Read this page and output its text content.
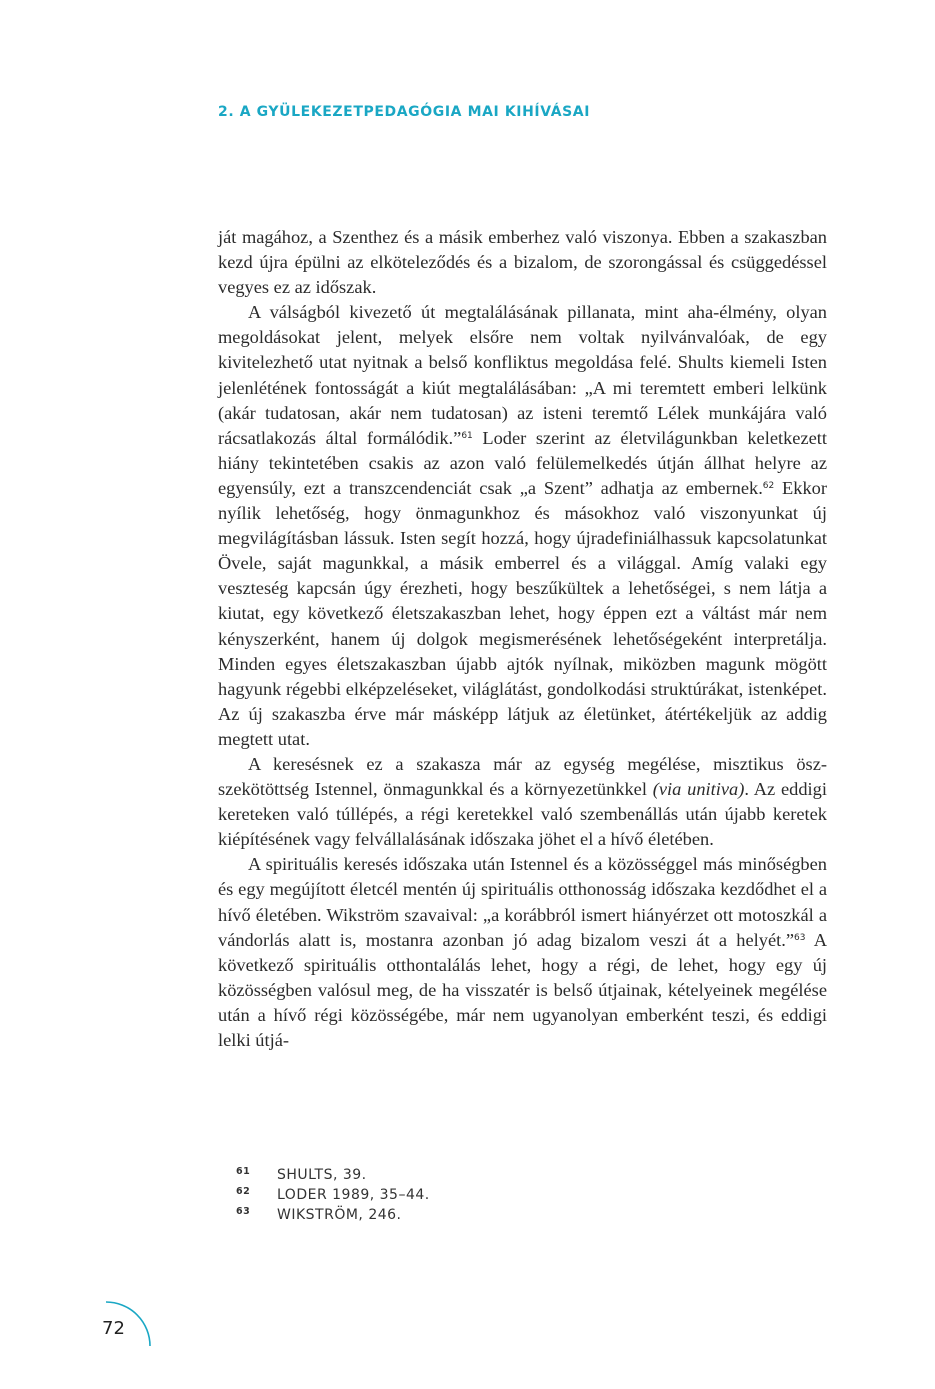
2. A GYÜLEKEZETPEDAGÓGIA MAI KIHÍVÁSAI

ját magához, a Szenthez és a másik emberhez való viszonya. Ebben a szakaszban kezd újra épülni az elköteleződés és a bizalom, de szorongással és csüggedéssel vegyes ez az időszak.

A válságból kivezető út megtalálásának pillanata, mint aha-élmény, olyan megoldásokat jelent, melyek elsőre nem voltak nyilvánvalóak, de egy kivitelezhető utat nyitnak a belső konfliktus megoldása felé. Shults kiemeli Isten jelenlétének fontosságát a kiút megtalálásában: „A mi teremtett emberi lelkünk (akár tudatosan, akár nem tudatosan) az isteni teremtő Lélek munkájára való rácsatlakozás által formálódik.”$^{61}$ Loder szerint az életvilágunkban keletkezett hiány tekintetében csakis az azon való felülemelkedés útján állhat helyre az egyensúly, ezt a transzcendenciát csak „a Szent” adhatja az embernek.$^{62}$ Ekkor nyílik lehetőség, hogy önmagunkhoz és másokhoz való viszonyunkat új megvilágításban lássuk. Isten segít hozzá, hogy újradefiniálhassuk kapcsolatunkat Övele, saját magunkkal, a másik emberrel és a világgal. Amíg valaki egy veszteség kapcsán úgy érezheti, hogy beszűkültek a lehetőségei, s nem látja a kiutat, egy következő életszakaszban lehet, hogy éppen ezt a váltást már nem kényszerként, hanem új dolgok megismerésének lehetőségeként interpretálja. Minden egyes életszakaszban újabb ajtók nyílnak, miközben magunk mögött hagyunk régebbi elképzeléseket, világlátást, gondolkodási struktúrákat, istenképet. Az új szakaszba érve már másképp látjuk az életünket, átértékeljük az addig megtett utat.

A keresésnek ez a szakasza már az egység megélése, misztikus öszszekötöttség Istennel, önmagunkkal és a környezetünkkel (via unitiva). Az eddigi kereteken való túllépés, a régi keretekkel való szembenállás után újabb keretek kiépítésének vagy felvállalásának időszaka jöhet el a hívő életében.

A spirituális keresés időszaka után Istennel és a közösséggel más minőségben és egy megújított életcél mentén új spirituális otthonosság időszaka kezdődhet el a hívő életében. Wikström szavaival: „a korábbról ismert hiányérzet ott motoszkál a vándorlás alatt is, mostanra azonban jó adag bizalom veszi át a helyét.”$^{63}$ A következő spirituális otthontalálás lehet, hogy a régi, de lehet, hogy egy új közösségben valósul meg, de ha visszatér is belső útjainak, kételyeinek megélése után a hívő régi közösségébe, már nem ugyanolyan emberként teszi, és eddigi lelki útjá-

61	SHULTS, 39.
62	LODER 1989, 35–44.
63	WIKSTRÖM, 246.
72
